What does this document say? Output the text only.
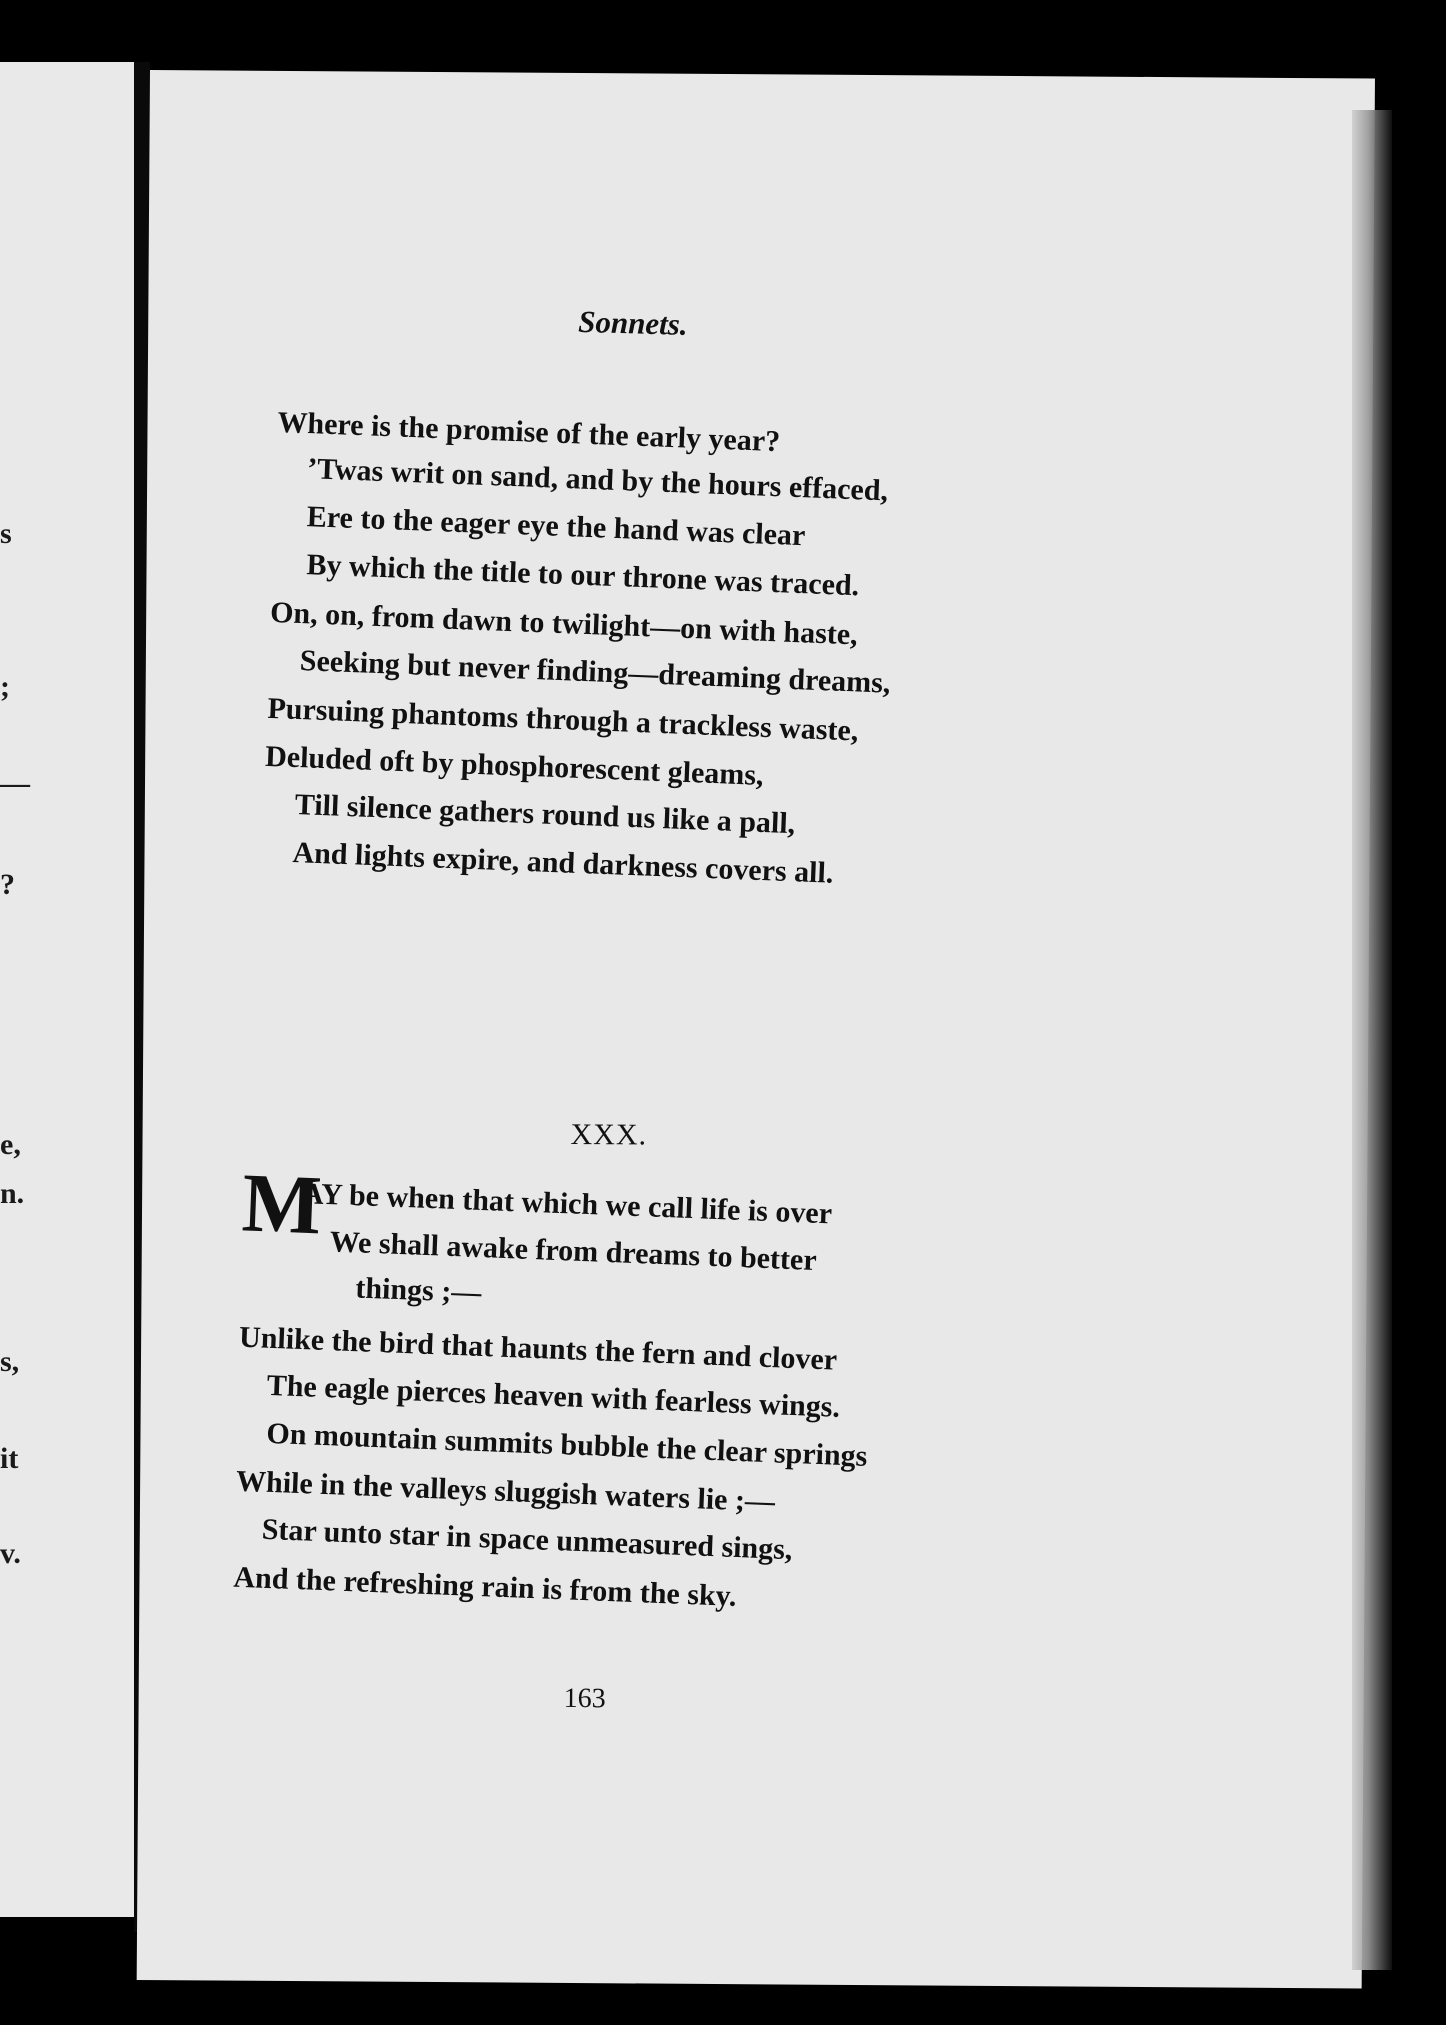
s
;
—
?
e,
n.
s,
it
v.
Sonnets.
Where is the promise of the early year?
’Twas writ on sand, and by the hours effaced,
Ere to the eager eye the hand was clear
By which the title to our throne was traced.
On, on, from dawn to twilight—on with haste,
Seeking but never finding—dreaming dreams,
Pursuing phantoms through a trackless waste,
Deluded oft by phosphorescent gleams,
Till silence gathers round us like a pall,
And lights expire, and darkness covers all.
XXX.
M
AY be when that which we call life is over
We shall awake from dreams to better
things ;—
Unlike the bird that haunts the fern and clover
The eagle pierces heaven with fearless wings.
On mountain summits bubble the clear springs
While in the valleys sluggish waters lie ;—
Star unto star in space unmeasured sings,
And the refreshing rain is from the sky.
163
